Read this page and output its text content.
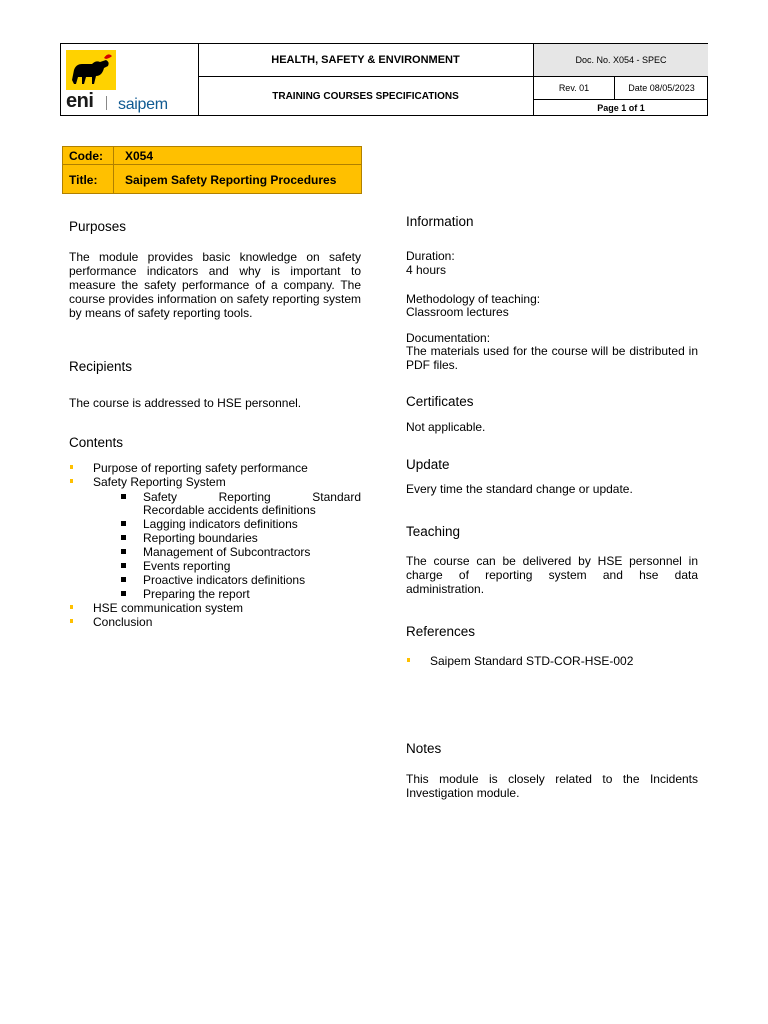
eni saipem
HEALTH, SAFETY & ENVIRONMENT
TRAINING COURSES SPECIFICATIONS
Doc. No. X054 - SPEC
Rev. 01	Date 08/05/2023
Page 1 of 1
Code:	X054
Title:	Saipem Safety Reporting Procedures
Purposes
The module provides basic knowledge on safety performance indicators and why is important to measure the safety performance of a company. The course provides information on safety reporting system by means of safety reporting tools.
Recipients
The course is addressed to HSE personnel.
Contents
Purpose of reporting safety performance
Safety Reporting System
Safety Reporting Standard
Recordable accidents definitions
Lagging indicators definitions
Reporting boundaries
Management of Subcontractors
Events reporting
Proactive indicators definitions
Preparing the report
HSE communication system
Conclusion
Information
Duration:
4 hours
Methodology of teaching:
Classroom lectures
Documentation:
The materials used for the course will be distributed in PDF files.
Certificates
Not applicable.
Update
Every time the standard change or update.
Teaching
The course can be delivered by HSE personnel in charge of reporting system and hse data administration.
References
Saipem Standard STD-COR-HSE-002
Notes
This module is closely related to the Incidents Investigation module.
